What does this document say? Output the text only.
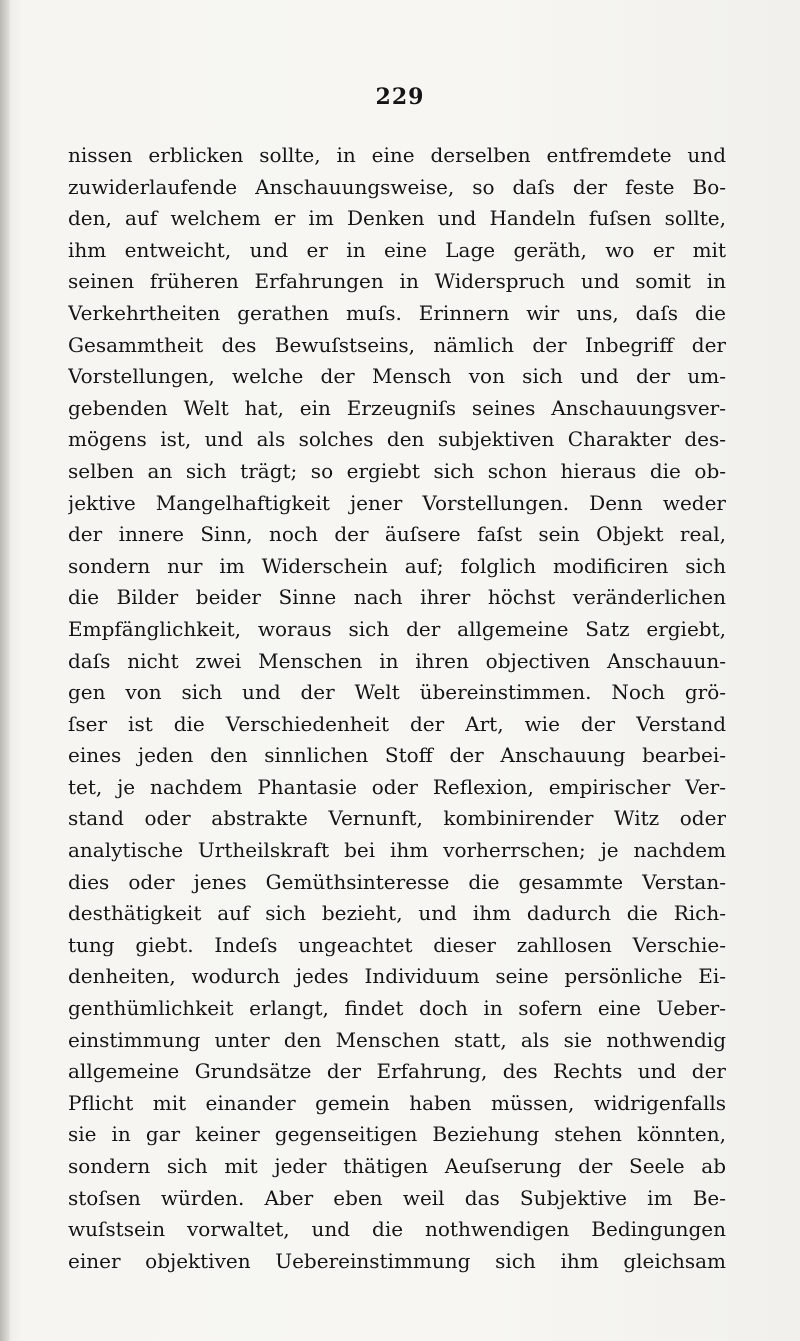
229
nissen erblicken sollte, in eine derselben entfremdete und
zuwiderlaufende Anschauungsweise, so daſs der feste Bo-
den, auf welchem er im Denken und Handeln fuſsen sollte,
ihm entweicht, und er in eine Lage geräth, wo er mit
seinen früheren Erfahrungen in Widerspruch und somit in
Verkehrtheiten gerathen muſs. Erinnern wir uns, daſs die
Gesammtheit des Bewuſstseins, nämlich der Inbegriff der
Vorstellungen, welche der Mensch von sich und der um-
gebenden Welt hat, ein Erzeugniſs seines Anschauungsver-
mögens ist, und als solches den subjektiven Charakter des-
selben an sich trägt; so ergiebt sich schon hieraus die ob-
jektive Mangelhaftigkeit jener Vorstellungen. Denn weder
der innere Sinn, noch der äuſsere faſst sein Objekt real,
sondern nur im Widerschein auf; folglich modificiren sich
die Bilder beider Sinne nach ihrer höchst veränderlichen
Empfänglichkeit, woraus sich der allgemeine Satz ergiebt,
daſs nicht zwei Menschen in ihren objectiven Anschauun-
gen von sich und der Welt übereinstimmen. Noch grö-
ſser ist die Verschiedenheit der Art, wie der Verstand
eines jeden den sinnlichen Stoff der Anschauung bearbei-
tet, je nachdem Phantasie oder Reflexion, empirischer Ver-
stand oder abstrakte Vernunft, kombinirender Witz oder
analytische Urtheilskraft bei ihm vorherrschen; je nachdem
dies oder jenes Gemüthsinteresse die gesammte Verstan-
desthätigkeit auf sich bezieht, und ihm dadurch die Rich-
tung giebt. Indeſs ungeachtet dieser zahllosen Verschie-
denheiten, wodurch jedes Individuum seine persönliche Ei-
genthümlichkeit erlangt, findet doch in sofern eine Ueber-
einstimmung unter den Menschen statt, als sie nothwendig
allgemeine Grundsätze der Erfahrung, des Rechts und der
Pflicht mit einander gemein haben müssen, widrigenfalls
sie in gar keiner gegenseitigen Beziehung stehen könnten,
sondern sich mit jeder thätigen Aeuſserung der Seele ab
stoſsen würden. Aber eben weil das Subjektive im Be-
wuſstsein vorwaltet, und die nothwendigen Bedingungen
einer objektiven Uebereinstimmung sich ihm gleichsam
